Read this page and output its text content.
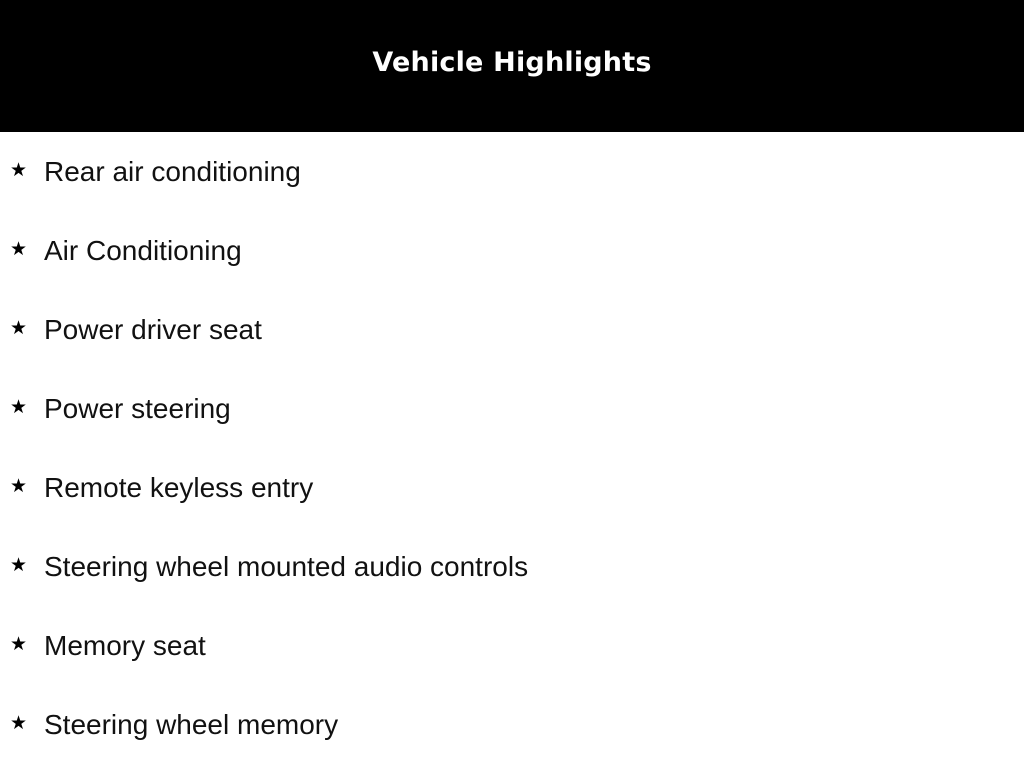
Vehicle Highlights
★ Rear air conditioning
★ Air Conditioning
★ Power driver seat
★ Power steering
★ Remote keyless entry
★ Steering wheel mounted audio controls
★ Memory seat
★ Steering wheel memory
